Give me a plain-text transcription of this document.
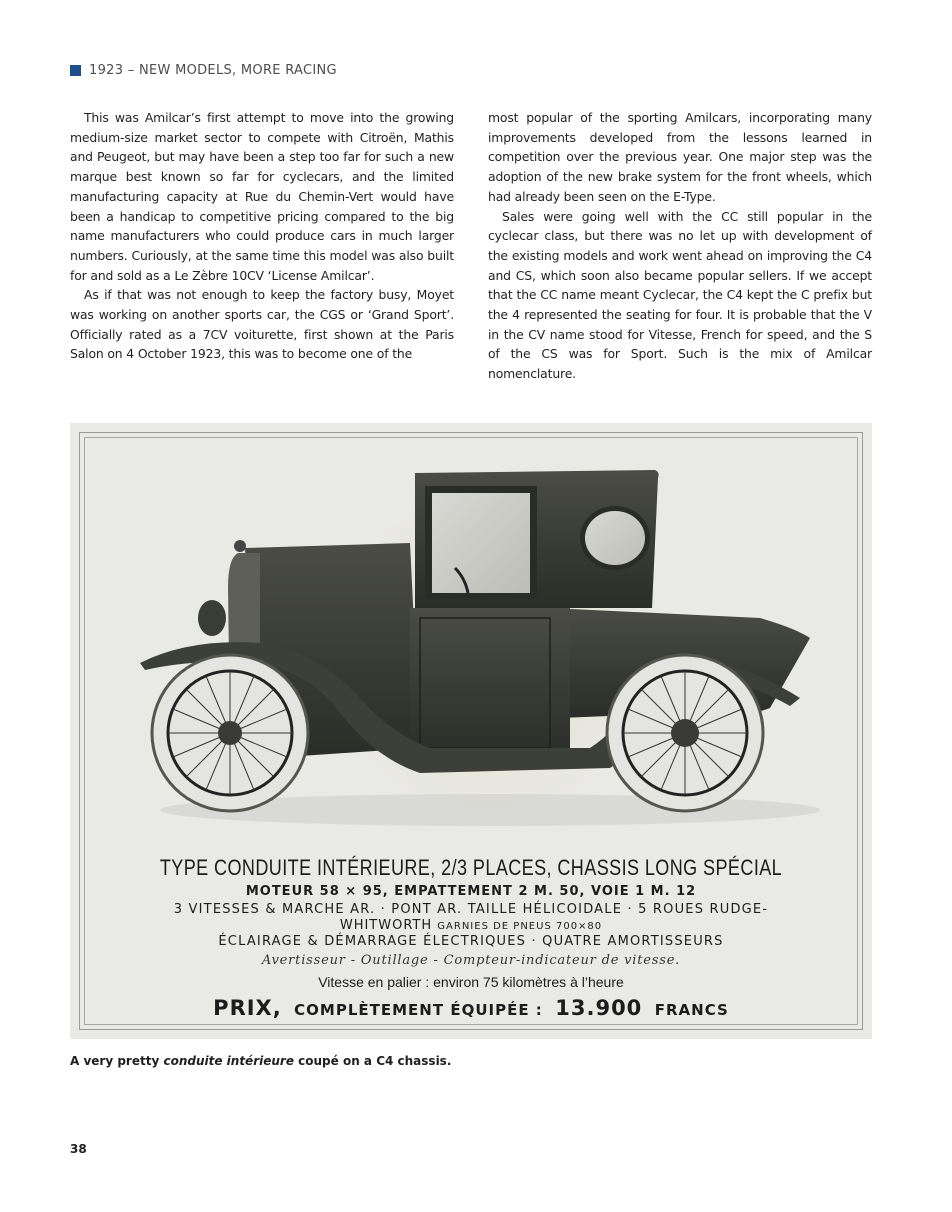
1923 – NEW MODELS, MORE RACING

This was Amilcar’s first attempt to move into the growing medium-size market sector to compete with Citroën, Mathis and Peugeot, but may have been a step too far for such a new marque best known so far for cyclecars, and the limited manufacturing capacity at Rue du Chemin-Vert would have been a handicap to competitive pricing compared to the big name manufacturers who could produce cars in much larger numbers. Curiously, at the same time this model was also built for and sold as a Le Zèbre 10CV ‘License Amilcar’.

As if that was not enough to keep the factory busy, Moyet was working on another sports car, the CGS or ‘Grand Sport’. Officially rated as a 7CV voiturette, first shown at the Paris Salon on 4 October 1923, this was to become one of the

most popular of the sporting Amilcars, incorporating many improvements developed from the lessons learned in competition over the previous year. One major step was the adoption of the new brake system for the front wheels, which had already been seen on the E-Type.

Sales were going well with the CC still popular in the cyclecar class, but there was no let up with development of the existing models and work went ahead on improving the C4 and CS, which soon also became popular sellers. If we accept that the CC name meant Cyclecar, the C4 kept the C prefix but the 4 represented the seating for four. It is probable that the V in the CV name stood for Vitesse, French for speed, and the S of the CS was for Sport. Such is the mix of Amilcar nomenclature.

TYPE CONDUITE INTÉRIEURE, 2/3 PLACES, CHASSIS LONG SPÉCIAL
MOTEUR 58 × 95, EMPATTEMENT 2 M. 50, VOIE 1 M. 12
3 VITESSES & MARCHE AR. · PONT AR. TAILLE HÉLICOIDALE · 5 ROUES RUDGE-
WHITWORTH GARNIES DE PNEUS 700×80
ÉCLAIRAGE & DÉMARRAGE ÉLECTRIQUES · QUATRE AMORTISSEURS
Avertisseur - Outillage - Compteur-indicateur de vitesse.
Vitesse en palier : environ 75 kilomètres à l’heure
PRIX, COMPLÈTEMENT ÉQUIPÉE : 13.900 FRANCS
A very pretty conduite intérieure coupé on a C4 chassis.
38
